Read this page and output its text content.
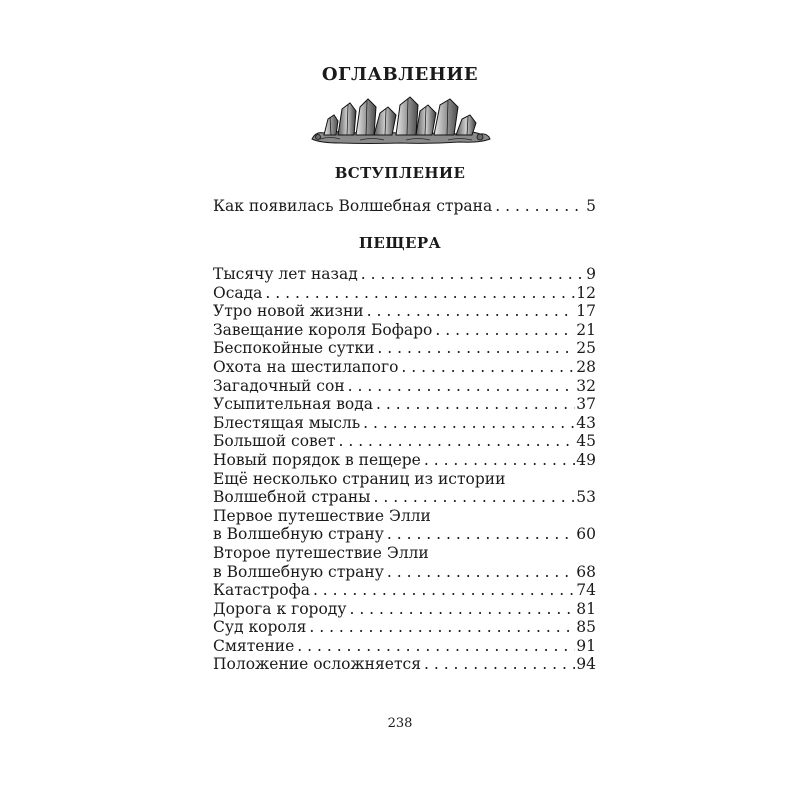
ОГЛАВЛЕНИЕ
ВСТУПЛЕНИЕ
Как появилась Волшебная страна . . .	5
ПЕЩЕРА
Тысячу лет назад . . .	9
Осада . . .	12
Утро новой жизни . . .	17
Завещание короля Бофаро . . .	21
Беспокойные сутки . . .	25
Охота на шестилапого . . .	28
Загадочный сон . . .	32
Усыпительная вода . . .	37
Блестящая мысль . . .	43
Большой совет . . .	45
Новый порядок в пещере . . .	49
Ещё несколько страниц из истории
Волшебной страны . . .	53
Первое путешествие Элли
в Волшебную страну . . .	60
Второе путешествие Элли
в Волшебную страну . . .	68
Катастрофа . . .	74
Дорога к городу . . .	81
Суд короля . . .	85
Смятение . . .	91
Положение осложняется . . .	94
238
